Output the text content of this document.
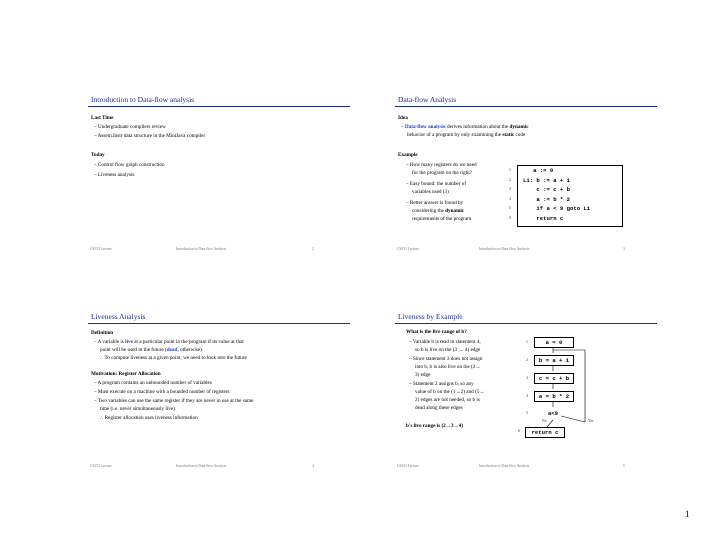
Introduction to Data-flow analysis
Last Time
– Undergraduate compilers review
– Assem.Instr data structure in the MiniJava compiler
Today
– Control flow graph construction
– Liveness analysis
CS553 Lecture	Introduction to Data-flow Analysis	2
Data-flow Analysis
Idea
– Data-flow analysis derives information about the dynamic
behavior of a program by only examining the static code
Example
– How many registers do we need
for the program on the right?
– Easy bound: the number of
variables used (3)
– Better answer is found by
considering the dynamic
requirements of the program
a := 0
L1: b := a + 1
c := c + b
a := b * 2
if a < 9 goto L1
return c
1
2
3
4
5
6
CS553 Lecture	Introduction to Data-flow Analysis	3
Liveness Analysis
Definition
– A variable is live at a particular point in the program if its value at that
point will be used in the future (dead, otherwise).
∴ To compute liveness at a given point, we need to look into the future
Motivation: Register Allocation
– A program contains an unbounded number of variables
– Must execute on a machine with a bounded number of registers
– Two variables can use the same register if they are never in use at the same
time (i.e. never simultaneously live).
∴ Register allocation uses liveness information
CS553 Lecture	Introduction to Data-flow Analysis	4
Liveness by Example
What is the live range of b?
– Variable b is read in statement 4,
so b is live on the (3 → 4) edge
– Since statement 3 does not assign
into b, b is also live on the (2→
3) edge
– Statement 2 assigns b, so any
value of b on the (1→2) and (5→
2) edges are not needed, so b is
dead along these edges
b's live range is (2→3→4)
a = 0
b = a + 1
c = c + b
a = b * 2
a<9
return c
1
2
3
4
5
6
No	Yes
CS553 Lecture	Introduction to Data-flow Analysis	5
1
